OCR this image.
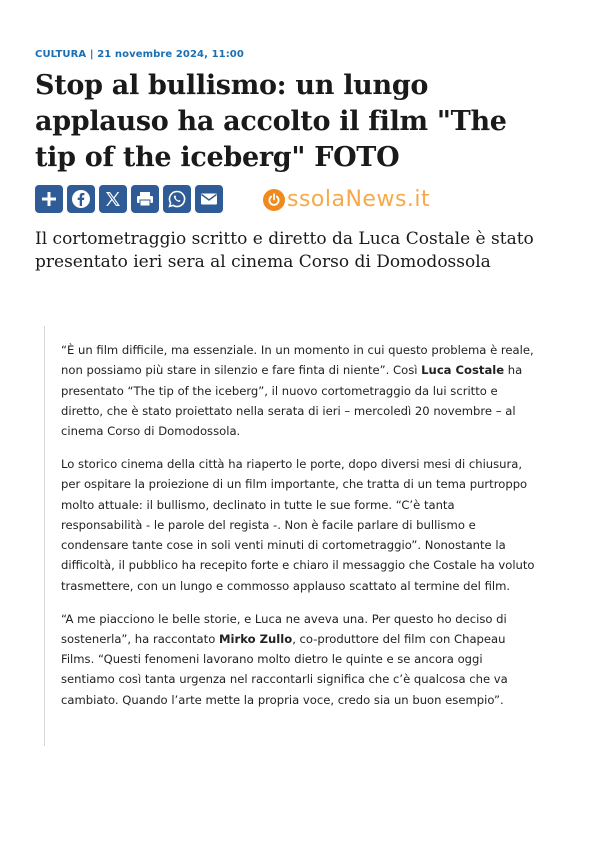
CULTURA | 21 novembre 2024, 11:00
Stop al bullismo: un lungo applauso ha accolto il film "The tip of the iceberg" FOTO
ssolaNews.it

Il cortometraggio scritto e diretto da Luca Costale è stato presentato ieri sera al cinema Corso di Domodossola

“È un film difficile, ma essenziale. In un momento in cui questo problema è reale, non possiamo più stare in silenzio e fare finta di niente”. Così Luca Costale ha presentato “The tip of the iceberg”, il nuovo cortometraggio da lui scritto e diretto, che è stato proiettato nella serata di ieri – mercoledì 20 novembre – al cinema Corso di Domodossola.

Lo storico cinema della città ha riaperto le porte, dopo diversi mesi di chiusura, per ospitare la proiezione di un film importante, che tratta di un tema purtroppo molto attuale: il bullismo, declinato in tutte le sue forme. “C’è tanta responsabilità - le parole del regista -. Non è facile parlare di bullismo e condensare tante cose in soli venti minuti di cortometraggio”. Nonostante la difficoltà, il pubblico ha recepito forte e chiaro il messaggio che Costale ha voluto trasmettere, con un lungo e commosso applauso scattato al termine del film.

“A me piacciono le belle storie, e Luca ne aveva una. Per questo ho deciso di sostenerla”, ha raccontato Mirko Zullo, co-produttore del film con Chapeau Films. “Questi fenomeni lavorano molto dietro le quinte e se ancora oggi sentiamo così tanta urgenza nel raccontarli significa che c’è qualcosa che va cambiato. Quando l’arte mette la propria voce, credo sia un buon esempio”.
